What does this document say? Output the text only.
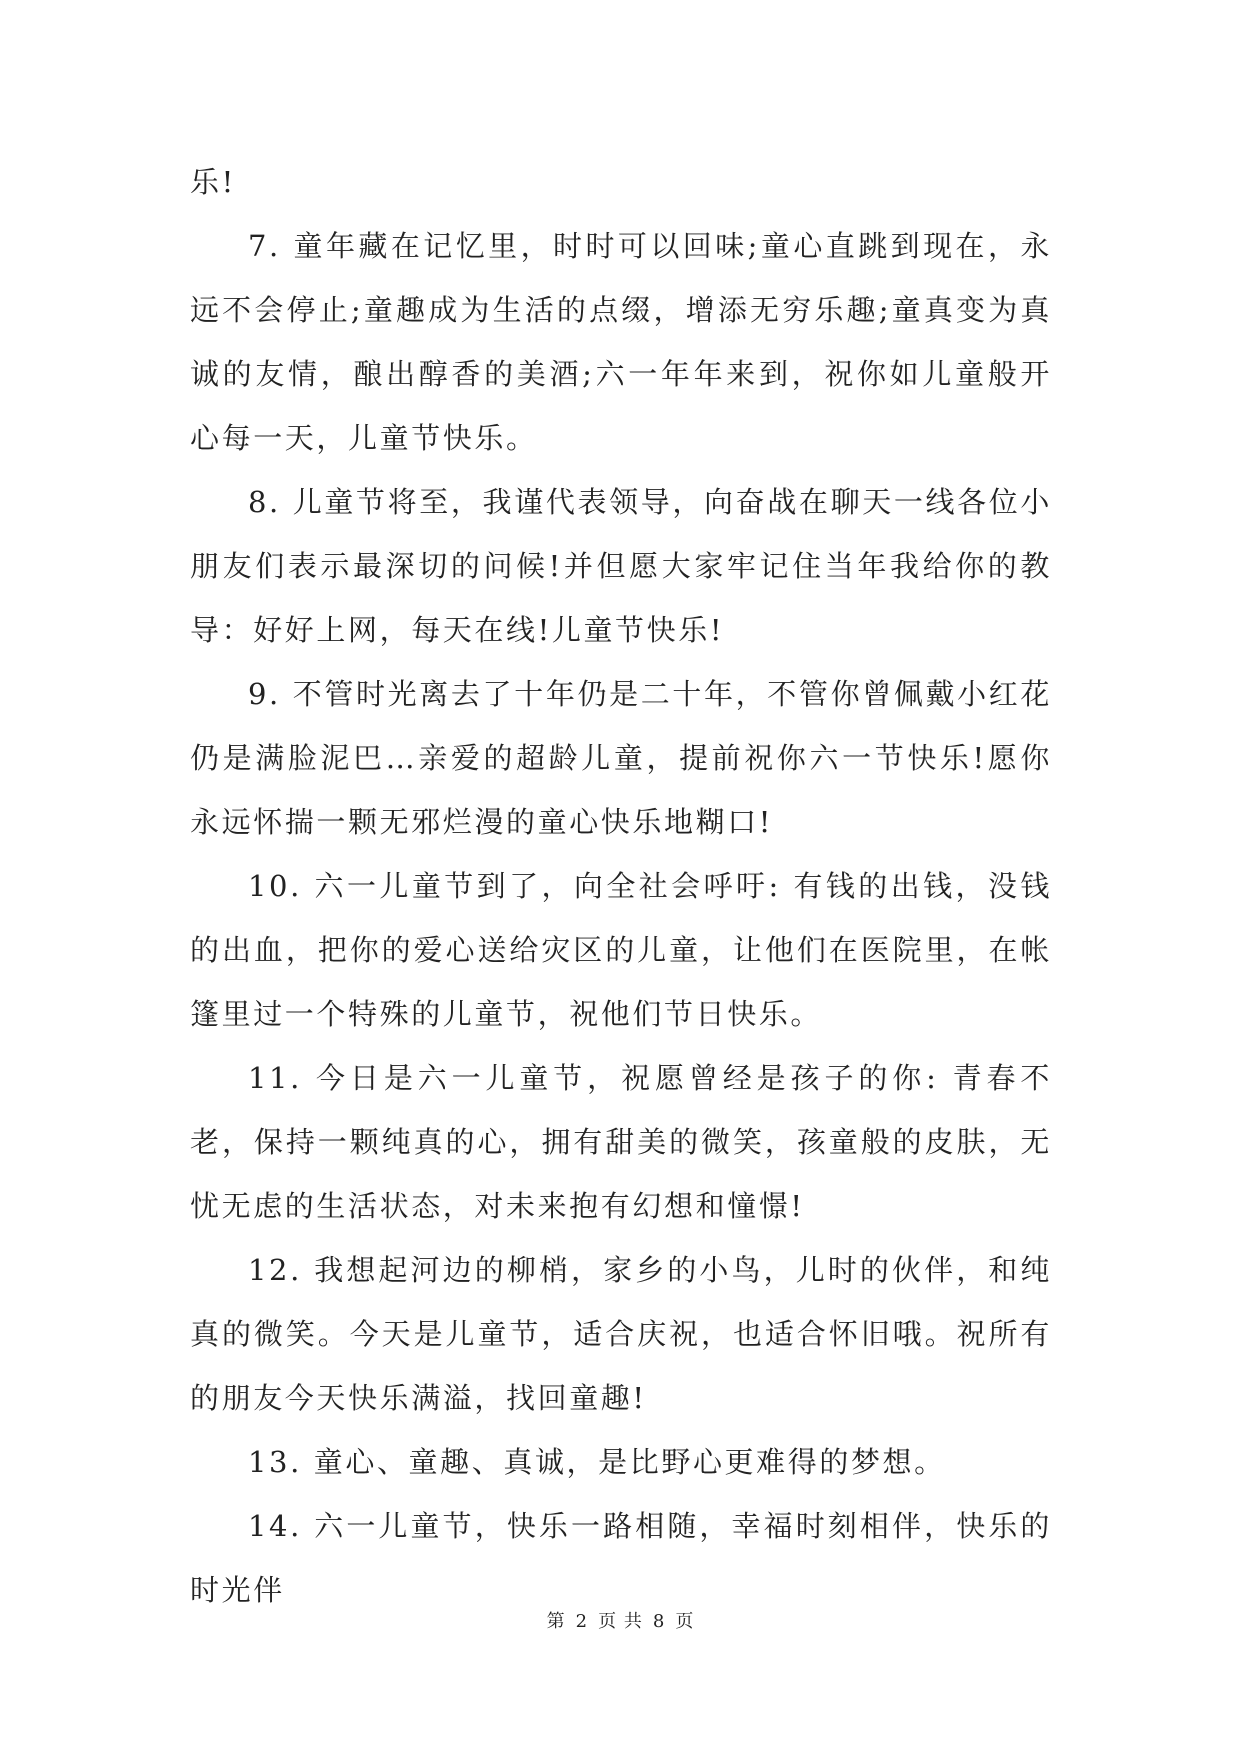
乐!

7. 童年藏在记忆里，时时可以回味;童心直跳到现在，永远不会停止;童趣成为生活的点缀，增添无穷乐趣;童真变为真诚的友情，酿出醇香的美酒;六一年年来到，祝你如儿童般开心每一天，儿童节快乐。

8. 儿童节将至，我谨代表领导，向奋战在聊天一线各位小朋友们表示最深切的问候!并但愿大家牢记住当年我给你的教导：好好上网，每天在线!儿童节快乐!

9. 不管时光离去了十年仍是二十年，不管你曾佩戴小红花仍是满脸泥巴…亲爱的超龄儿童，提前祝你六一节快乐!愿你永远怀揣一颗无邪烂漫的童心快乐地糊口!

10. 六一儿童节到了，向全社会呼吁: 有钱的出钱，没钱的出血，把你的爱心送给灾区的儿童，让他们在医院里，在帐篷里过一个特殊的儿童节，祝他们节日快乐。

11. 今日是六一儿童节，祝愿曾经是孩子的你: 青春不老，保持一颗纯真的心，拥有甜美的微笑，孩童般的皮肤，无忧无虑的生活状态，对未来抱有幻想和憧憬!

12. 我想起河边的柳梢，家乡的小鸟，儿时的伙伴，和纯真的微笑。今天是儿童节，适合庆祝，也适合怀旧哦。祝所有的朋友今天快乐满溢，找回童趣!

13. 童心、童趣、真诚，是比野心更难得的梦想。

14. 六一儿童节，快乐一路相随，幸福时刻相伴，快乐的时光伴

第 2 页 共 8 页
